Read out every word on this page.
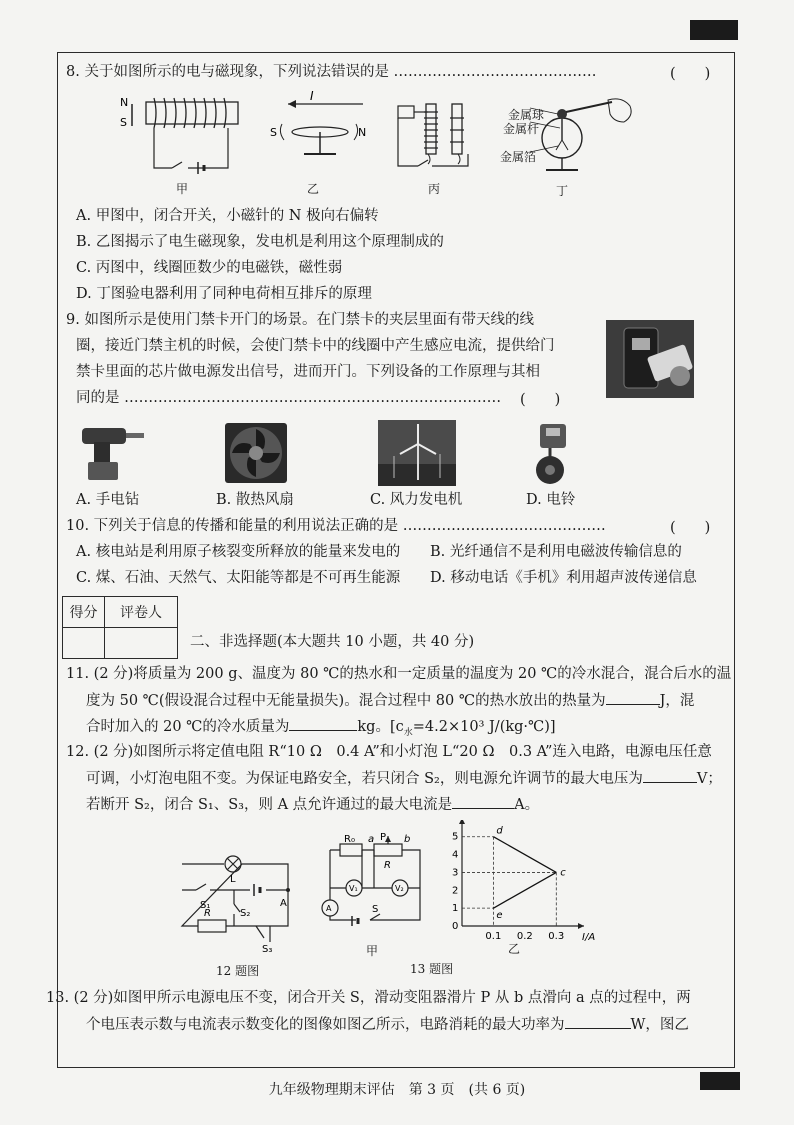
8. 关于如图所示的电与磁现象，下列说法错误的是 ……………………………………	(　　)
N
S
甲
I
S	N
乙	丙
金属球
金属杆
金属箔
丁
A. 甲图中，闭合开关，小磁针的 N 极向右偏转
B. 乙图揭示了电生磁现象，发电机是利用这个原理制成的
C. 丙图中，线圈匝数少的电磁铁，磁性弱
D. 丁图验电器利用了同种电荷相互排斥的原理
9. 如图所示是使用门禁卡开门的场景。在门禁卡的夹层里面有带天线的线
圈，接近门禁主机的时候，会使门禁卡中的线圈中产生感应电流，提供给门
禁卡里面的芯片做电源发出信号，进而开门。下列设备的工作原理与其相
同的是 …………………………………………………………………… (　　)
A. 手电钻	B. 散热风扇	C. 风力发电机	D. 电铃
10. 下列关于信息的传播和能量的利用说法正确的是 ……………………………………	(　　)
A. 核电站是利用原子核裂变所释放的能量来发电的 B. 光纤通信不是利用电磁波传输信息的
C. 煤、石油、天然气、太阳能等都是不可再生能源 D. 移动电话《手机》利用超声波传递信息
得分	评卷人

二、非选择题(本大题共 10 小题，共 40 分)
11. (2 分)将质量为 200 g、温度为 80 ℃的热水和一定质量的温度为 20 ℃的冷水混合，混合后水的温
度为 50 ℃(假设混合过程中无能量损失)。混合过程中 80 ℃的热水放出的热量为	J，混
合时加入的 20 ℃的冷水质量为	kg。[$c_水=4.2\times 10^3$ J/(kg·℃)]
12. (2 分)如图所示将定值电阻 R“10 Ω　0.4 A”和小灯泡 L“20 Ω　0.3 A”连入电路，电源电压任意
可调，小灯泡电阻不变。为保证电路安全，若只闭合 S₂，则电源允许调节的最大电压为	V；
若断开 S₂，闭合 S₁、S₃，则 A 点允许通过的最大电流是	A。
L
S₁
S₂
S₃
A
R
12 题图
R₀ a P b
R
V₁	V₂
A	S
甲
0
1
2
3
4
5
0.1 0.2 0.3 I/A
d
e
c
乙
13 题图
13. (2 分)如图甲所示电源电压不变，闭合开关 S，滑动变阻器滑片 P 从 b 点滑向 a 点的过程中，两
个电压表示数与电流表示数变化的图像如图乙所示，电路消耗的最大功率为	W，图乙
九年级物理期末评估　第 3 页　(共 6 页)
